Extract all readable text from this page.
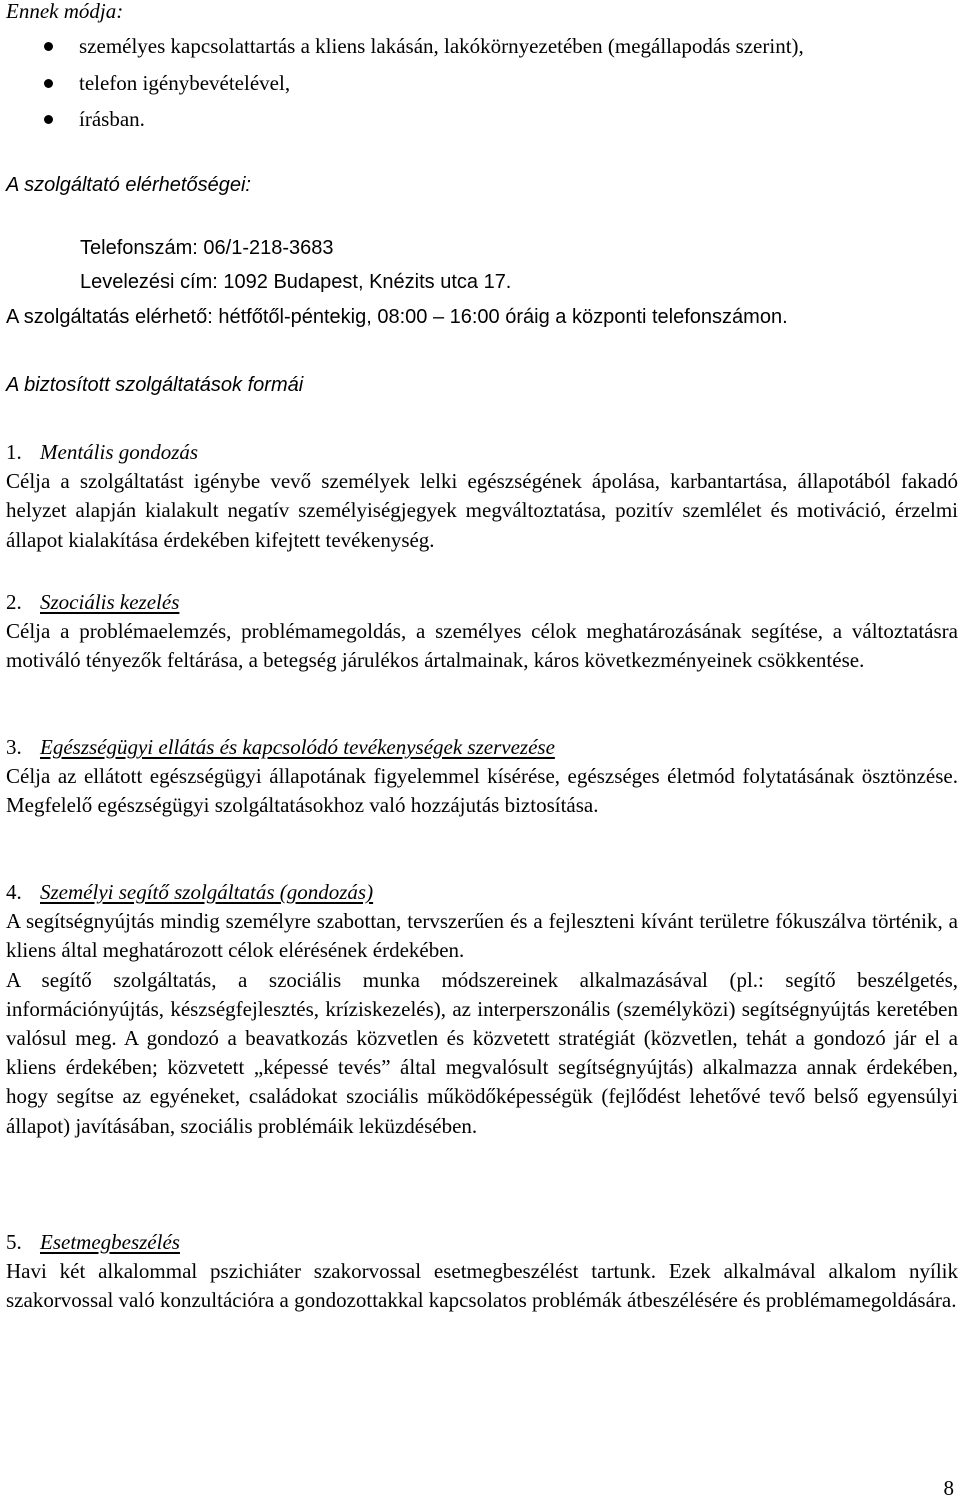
Ennek módja:
személyes kapcsolattartás a kliens lakásán, lakókörnyezetében (megállapodás szerint),
telefon igénybevételével,
írásban.
A szolgáltató elérhetőségei:
Telefonszám: 06/1-218-3683
Levelezési cím: 1092 Budapest, Knézits utca 17.
A szolgáltatás elérhető: hétfőtől-péntekig, 08:00 – 16:00 óráig a központi telefonszámon.
A biztosított szolgáltatások formái
1. Mentális gondozás
Célja a szolgáltatást igénybe vevő személyek lelki egészségének ápolása, karbantartása, állapotából fakadó helyzet alapján kialakult negatív személyiségjegyek megváltoztatása, pozitív szemlélet és motiváció, érzelmi állapot kialakítása érdekében kifejtett tevékenység.
2. Szociális kezelés
Célja a problémaelemzés, problémamegoldás, a személyes célok meghatározásának segítése, a változtatásra motiváló tényezők feltárása, a betegség járulékos ártalmainak, káros következményeinek csökkentése.
3. Egészségügyi ellátás és kapcsolódó tevékenységek szervezése
Célja az ellátott egészségügyi állapotának figyelemmel kísérése, egészséges életmód folytatásának ösztönzése. Megfelelő egészségügyi szolgáltatásokhoz való hozzájutás biztosítása.
4. Személyi segítő szolgáltatás (gondozás)
A segítségnyújtás mindig személyre szabottan, tervszerűen és a fejleszteni kívánt területre fókuszálva történik, a kliens által meghatározott célok elérésének érdekében.
A segítő szolgáltatás, a szociális munka módszereinek alkalmazásával (pl.: segítő beszélgetés, információnyújtás, készségfejlesztés, kríziskezelés), az interperszonális (személyközi) segítségnyújtás keretében valósul meg. A gondozó a beavatkozás közvetlen és közvetett stratégiát (közvetlen, tehát a gondozó jár el a kliens érdekében; közvetett „képessé tevés” által megvalósult segítségnyújtás) alkalmazza annak érdekében, hogy segítse az egyéneket, családokat szociális működőképességük (fejlődést lehetővé tevő belső egyensúlyi állapot) javításában, szociális problémáik leküzdésében.
5. Esetmegbeszélés
Havi két alkalommal pszichiáter szakorvossal esetmegbeszélést tartunk. Ezek alkalmával alkalom nyílik szakorvossal való konzultációra a gondozottakkal kapcsolatos problémák átbeszélésére és problémamegoldására.
8
